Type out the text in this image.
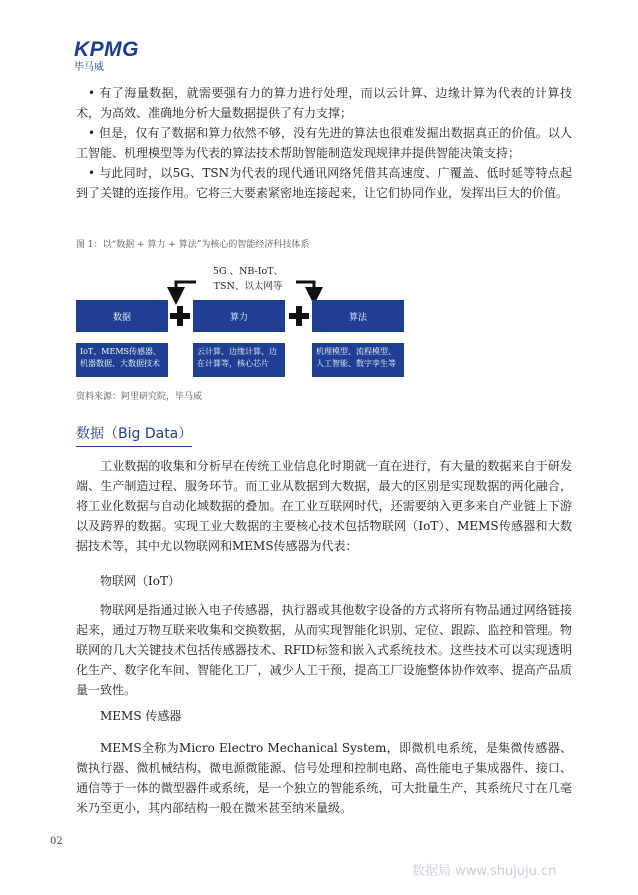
KPMG
毕马威

• 有了海量数据，就需要强有力的算力进行处理，而以云计算、边缘计算为代表的计算技术，为高效、准确地分析大量数据提供了有力支撑；

• 但是，仅有了数据和算力依然不够，没有先进的算法也很难发掘出数据真正的价值。以人工智能、机理模型等为代表的算法技术帮助智能制造发现规律并提供智能决策支持；

• 与此同时，以5G、TSN为代表的现代通讯网络凭借其高速度、广覆盖、低时延等特点起到了关键的连接作用。它将三大要素紧密地连接起来，让它们协同作业，发挥出巨大的价值。

图 1：以“数据 + 算力 + 算法”为核心的智能经济科技体系
5G 、NB-IoT、
TSN、以太网等
数据
IoT、MEMS传感器、机器数据、大数据技术
算力
云计算、边缘计算、边在计算等，核心芯片
算法
机理模型、流程模型、人工智能、数字孪生等
资料来源：阿里研究院，毕马威
数据（Big Data）

工业数据的收集和分析早在传统工业信息化时期就一直在进行，有大量的数据来自于研发端、生产制造过程、服务环节。而工业从数据到大数据，最大的区别是实现数据的两化融合，将工业化数据与自动化域数据的叠加。在工业互联网时代，还需要纳入更多来自产业链上下游以及跨界的数据。实现工业大数据的主要核心技术包括物联网（IoT）、MEMS传感器和大数据技术等，其中尤以物联网和MEMS传感器为代表：

物联网（IoT）

物联网是指通过嵌入电子传感器，执行器或其他数字设备的方式将所有物品通过网络链接起来，通过万物互联来收集和交换数据，从而实现智能化识别、定位、跟踪、监控和管理。物联网的几大关键技术包括传感器技术、RFID标签和嵌入式系统技术。这些技术可以实现透明化生产、数字化车间、智能化工厂，减少人工干预，提高工厂设施整体协作效率、提高产品质量一致性。

MEMS 传感器

MEMS全称为Micro Electro Mechanical System，即微机电系统，是集微传感器、微执行器、微机械结构、微电源微能源、信号处理和控制电路、高性能电子集成器件、接口、通信等于一体的微型器件或系统，是一个独立的智能系统，可大批量生产，其系统尺寸在几毫米乃至更小，其内部结构一般在微米甚至纳米量级。

02
数据局 www.shujuju.cn
